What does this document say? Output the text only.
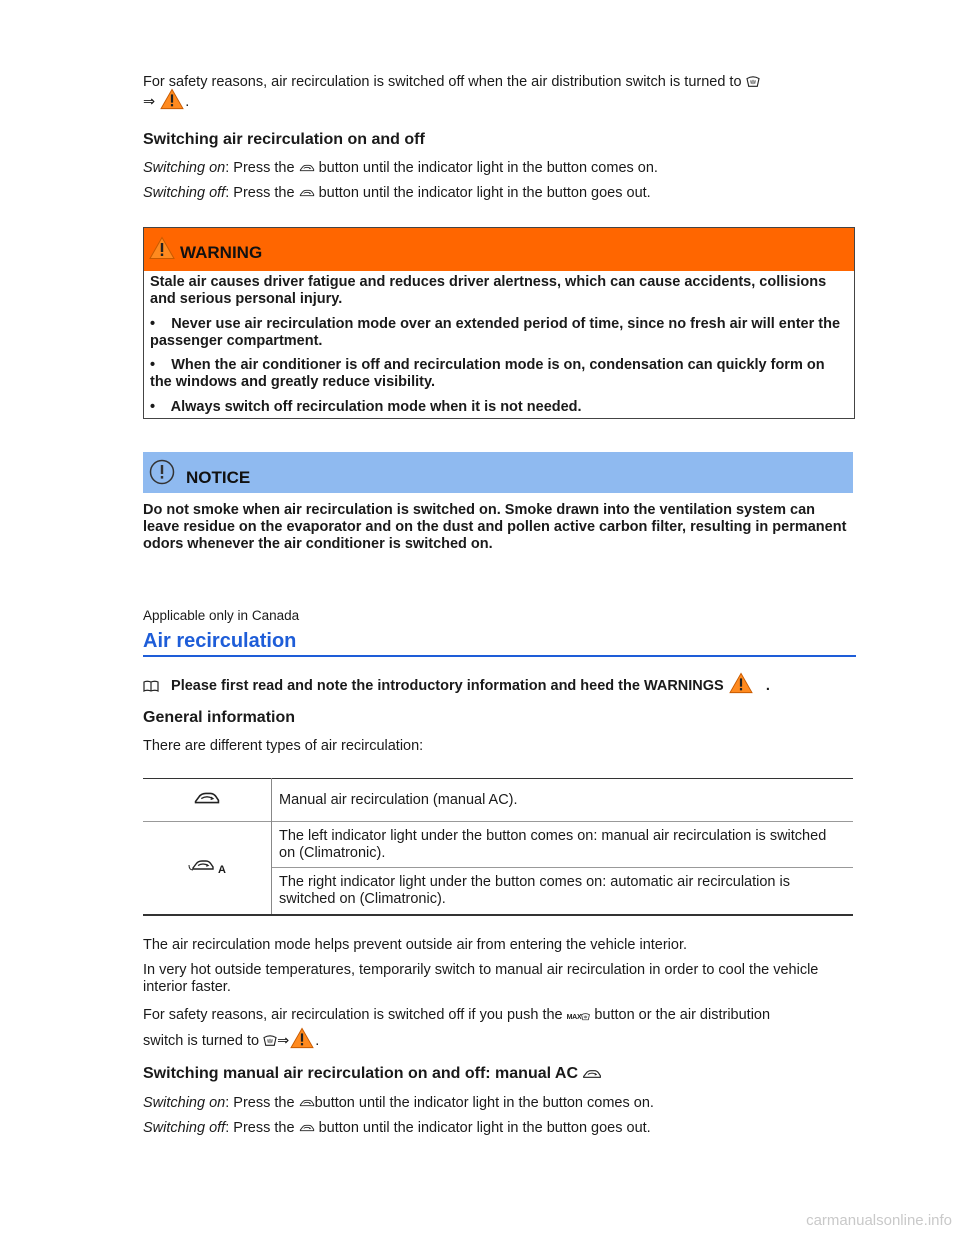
For safety reasons, air recirculation is switched off when the air distribution switch is turned to

⇒ .

Switching air recirculation on and off

Switching on: Press the button until the indicator light in the button comes on.

Switching off: Press the button until the indicator light in the button goes out.

WARNING

Stale air causes driver fatigue and reduces driver alertness, which can cause accidents, collisions and serious personal injury.

• Never use air recirculation mode over an extended period of time, since no fresh air will enter the passenger compartment.

• When the air conditioner is off and recirculation mode is on, condensation can quickly form on the windows and greatly reduce visibility.

• Always switch off recirculation mode when it is not needed.

NOTICE

Do not smoke when air recirculation is switched on. Smoke drawn into the ventilation system can leave residue on the evaporator and on the dust and pollen active carbon filter, resulting in permanent odors whenever the air conditioner is switched on.

Applicable only in Canada

Air recirculation

Please first read and note the introductory information and heed the WARNINGS	.

General information

There are different types of air recirculation:

	Manual air recirculation (manual AC).
A	The left indicator light under the button comes on: manual air recirculation is switched on (Climatronic).
	The right indicator light under the button comes on: automatic air recirculation is switched on (Climatronic).

The air recirculation mode helps prevent outside air from entering the vehicle interior.

In very hot outside temperatures, temporarily switch to manual air recirculation in order to cool the vehicle interior faster.

For safety reasons, air recirculation is switched off if you push the MAX button or the air distribution

switch is turned to ⇒ .

Switching manual air recirculation on and off: manual AC

Switching on: Press the button until the indicator light in the button comes on.

Switching off: Press the button until the indicator light in the button goes out.

carmanualsonline.info
